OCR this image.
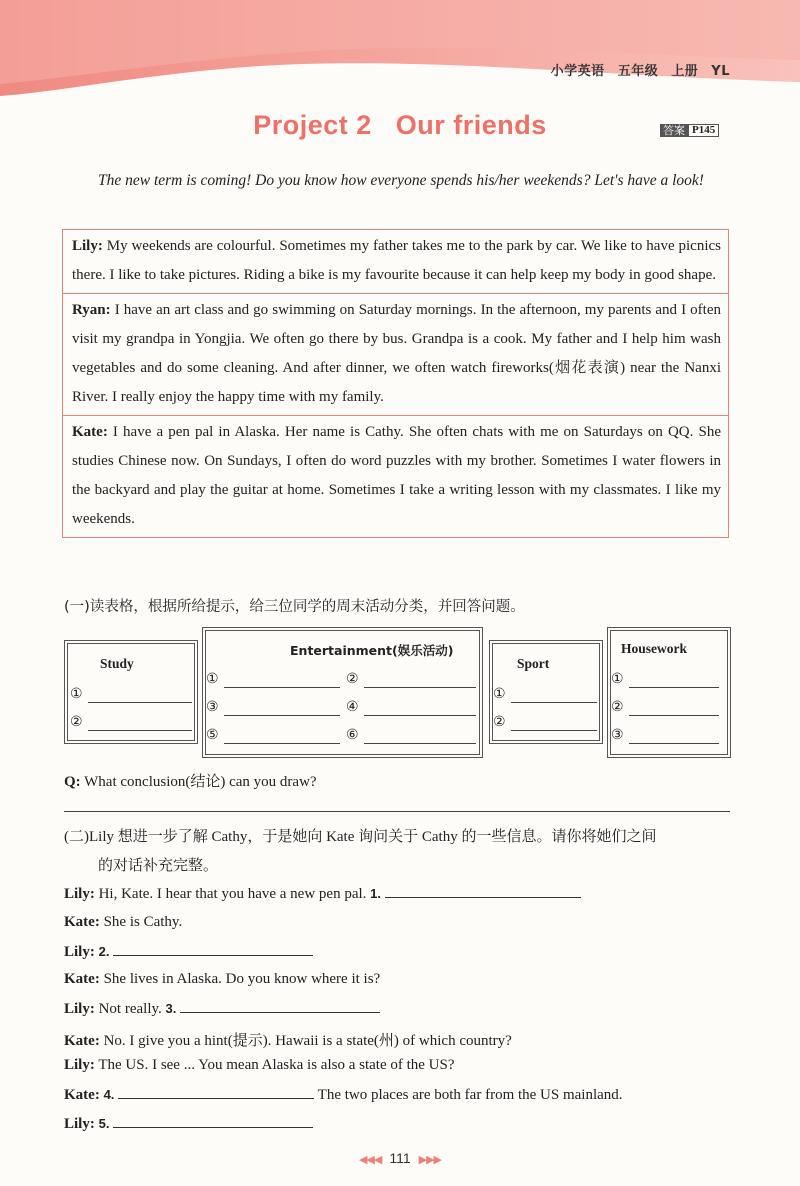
小学英语 五年级 上册 YL
Project 2   Our friends	答案 P145
The new term is coming! Do you know how everyone spends his/her weekends? Let's have a look!
Lily: My weekends are colourful. Sometimes my father takes me to the park by car. We like to have picnics there. I like to take pictures. Riding a bike is my favourite because it can help keep my body in good shape.
Ryan: I have an art class and go swimming on Saturday mornings. In the afternoon, my parents and I often visit my grandpa in Yongjia. We often go there by bus. Grandpa is a cook. My father and I help him wash vegetables and do some cleaning. And after dinner, we often watch fireworks(烟花表演) near the Nanxi River. I really enjoy the happy time with my family.
Kate: I have a pen pal in Alaska. Her name is Cathy. She often chats with me on Saturdays on QQ. She studies Chinese now. On Sundays, I often do word puzzles with my brother. Sometimes I water flowers in the backyard and play the guitar at home. Sometimes I take a writing lesson with my classmates. I like my weekends.
(一)读表格，根据所给提示，给三位同学的周末活动分类，并回答问题。
Study
①
②
Entertainment(娱乐活动)
①	②
③	④
⑤	⑥
Sport
①
②
Housework
①
②
③
Q: What conclusion(结论) can you draw?
(二)Lily 想进一步了解 Cathy，于是她向 Kate 询问关于 Cathy 的一些信息。请你将她们之间
的对话补充完整。
Lily: Hi, Kate. I hear that you have a new pen pal. 1.
Kate: She is Cathy.
Lily: 2.
Kate: She lives in Alaska. Do you know where it is?
Lily: Not really. 3.
Kate: No. I give you a hint(提示). Hawaii is a state(州) of which country?
Lily: The US. I see ... You mean Alaska is also a state of the US?
Kate: 4.	The two places are both far from the US mainland.
Lily: 5.
◀◀◀ 111 ▶▶▶
